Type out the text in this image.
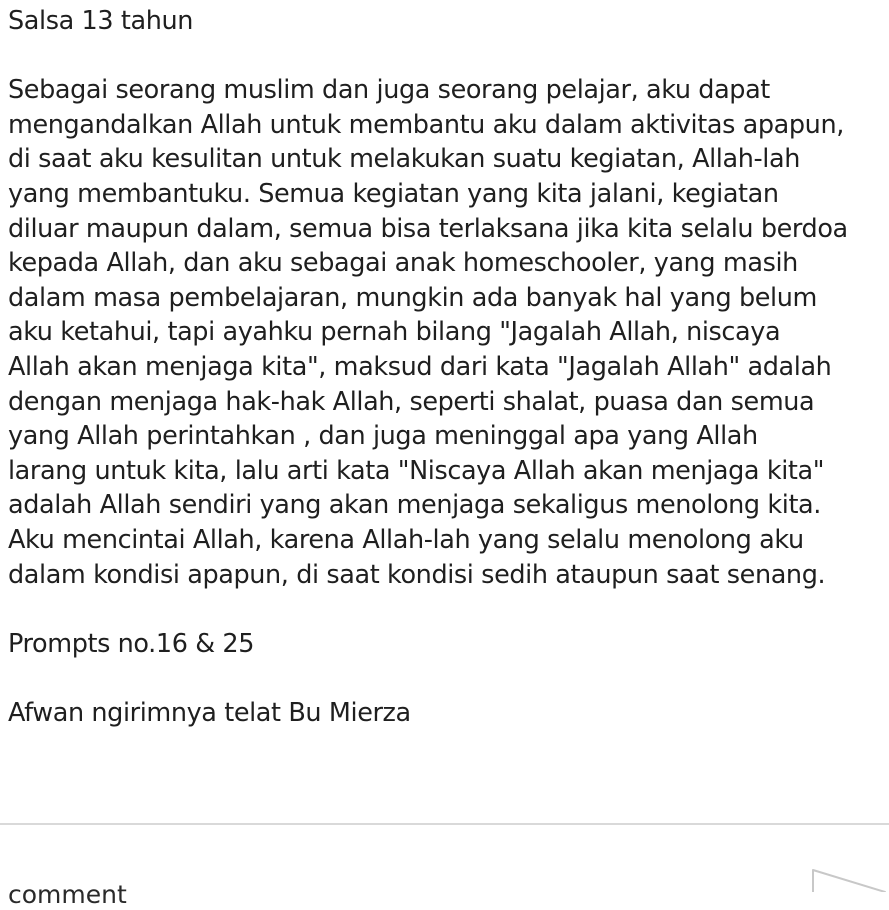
Salsa 13 tahun
Sebagai seorang muslim dan juga seorang pelajar, aku dapat
mengandalkan Allah untuk membantu aku dalam aktivitas apapun,
di saat aku kesulitan untuk melakukan suatu kegiatan, Allah-lah
yang membantuku. Semua kegiatan yang kita jalani, kegiatan
diluar maupun dalam, semua bisa terlaksana jika kita selalu berdoa
kepada Allah, dan aku sebagai anak homeschooler, yang masih
dalam masa pembelajaran, mungkin ada banyak hal yang belum
aku ketahui, tapi ayahku pernah bilang "Jagalah Allah, niscaya
Allah akan menjaga kita", maksud dari kata "Jagalah Allah" adalah
dengan menjaga hak-hak Allah, seperti shalat, puasa dan semua
yang Allah perintahkan , dan juga meninggal apa yang Allah
larang untuk kita, lalu arti kata "Niscaya Allah akan menjaga kita"
adalah Allah sendiri yang akan menjaga sekaligus menolong kita.
Aku mencintai Allah, karena Allah-lah yang selalu menolong aku
dalam kondisi apapun, di saat kondisi sedih ataupun saat senang.
Prompts no.16 & 25
Afwan ngirimnya telat Bu Mierza
comment
